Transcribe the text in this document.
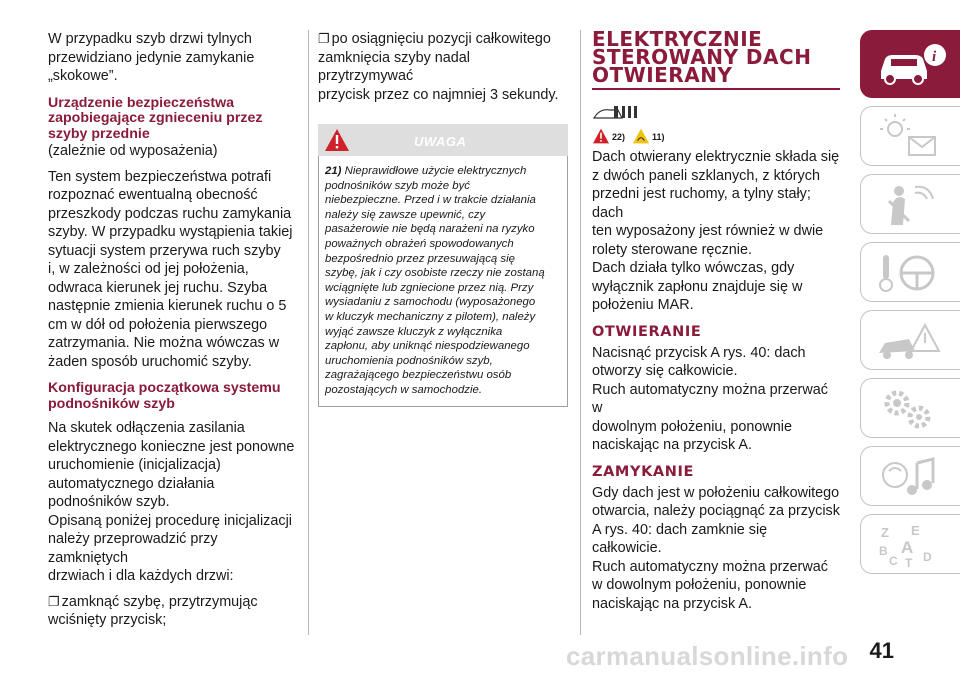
W przypadku szyb drzwi tylnych

przewidziano jedynie zamykanie

„skokowe”.

Urządzenie bezpieczeństwa
zapobiegające zgnieceniu przez
szyby przednie

(zależnie od wyposażenia)

Ten system bezpieczeństwa potrafi

rozpoznać ewentualną obecność

przeszkody podczas ruchu zamykania

szyby. W przypadku wystąpienia takiej

sytuacji system przerywa ruch szyby

i, w zależności od jej położenia,

odwraca kierunek jej ruchu. Szyba

następnie zmienia kierunek ruchu o 5

cm w dół od położenia pierwszego

zatrzymania. Nie można wówczas w

żaden sposób uruchomić szyby.

Konfiguracja początkowa systemu
podnośników szyb

Na skutek odłączenia zasilania

elektrycznego konieczne jest ponowne

uruchomienie (inicjalizacja)

automatycznego działania

podnośników szyb.

Opisaną poniżej procedurę inicjalizacji

należy przeprowadzić przy zamkniętych

drzwiach i dla każdych drzwi:

❐ zamknąć szybę, przytrzymując

wciśnięty przycisk;

❐ po osiągnięciu pozycji całkowitego

zamknięcia szyby nadal przytrzymywać

przycisk przez co najmniej 3 sekundy.

UWAGA
21) Nieprawidłowe użycie elektrycznych
podnośników szyb może być
niebezpieczne. Przed i w trakcie działania
należy się zawsze upewnić, czy
pasażerowie nie będą narażeni na ryzyko
poważnych obrażeń spowodowanych
bezpośrednio przez przesuwającą się
szybę, jak i czy osobiste rzeczy nie zostaną
wciągnięte lub zgniecione przez nią. Przy
wysiadaniu z samochodu (wyposażonego
w kluczyk mechaniczny z pilotem), należy
wyjąć zawsze kluczyk z wyłącznika
zapłonu, aby uniknąć niespodziewanego
uruchomienia podnośników szyb,
zagrażającego bezpieczeństwu osób
pozostających w samochodzie.
ELEKTRYCZNIE
STEROWANY DACH
OTWIERANY
22)	11)

Dach otwierany elektrycznie składa się

z dwóch paneli szklanych, z których

przedni jest ruchomy, a tylny stały; dach

ten wyposażony jest również w dwie

rolety sterowane ręcznie.

Dach działa tylko wówczas, gdy

wyłącznik zapłonu znajduje się w

położeniu MAR.

OTWIERANIE

Nacisnąć przycisk A rys. 40: dach

otworzy się całkowicie.

Ruch automatyczny można przerwać w

dowolnym położeniu, ponownie

naciskając na przycisk A.

ZAMYKANIE

Gdy dach jest w położeniu całkowitego

otwarcia, należy pociągnąć za przycisk

A rys. 40: dach zamknie się całkowicie.

Ruch automatyczny można przerwać

w dowolnym położeniu, ponownie

naciskając na przycisk A.

i
Z E
B A
C T D
carmanualsonline.info 41
